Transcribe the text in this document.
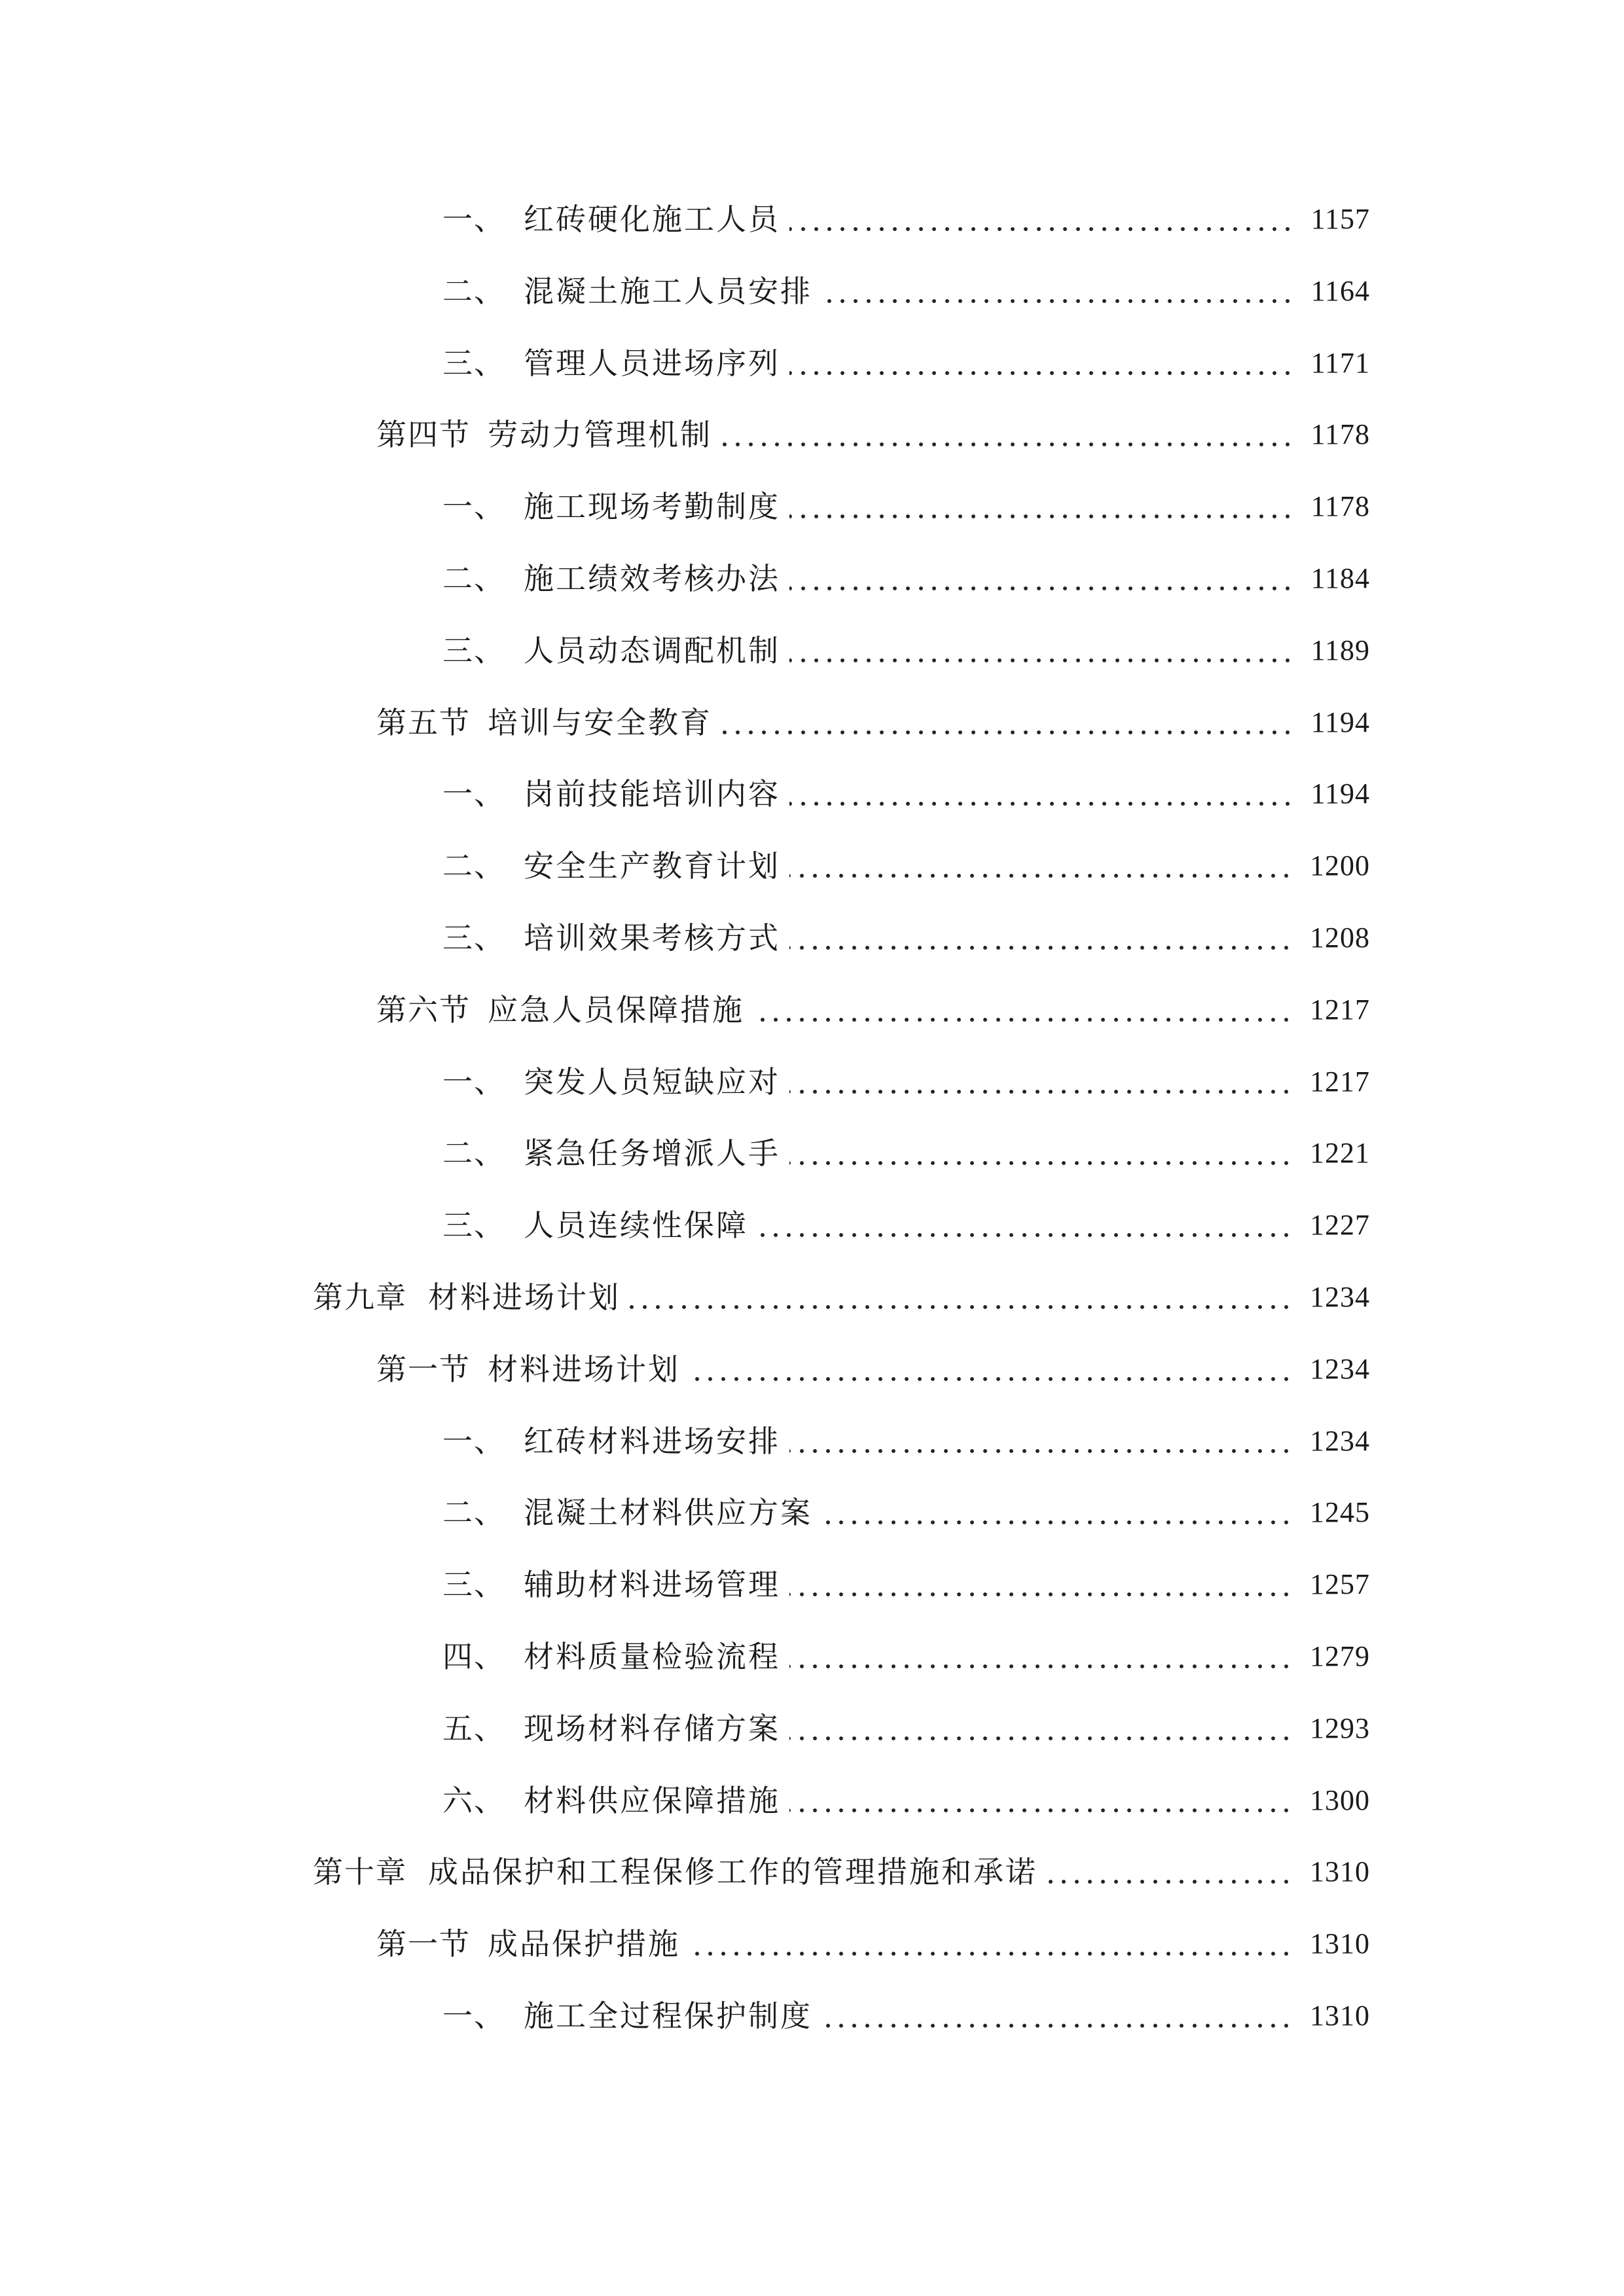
一、 红砖硬化施工人员	1157
二、 混凝土施工人员安排	1164
三、 管理人员进场序列	1171
第四节 劳动力管理机制	1178
一、 施工现场考勤制度	1178
二、 施工绩效考核办法	1184
三、 人员动态调配机制	1189
第五节 培训与安全教育	1194
一、 岗前技能培训内容	1194
二、 安全生产教育计划	1200
三、 培训效果考核方式	1208
第六节 应急人员保障措施	1217
一、 突发人员短缺应对	1217
二、 紧急任务增派人手	1221
三、 人员连续性保障	1227
第九章 材料进场计划	1234
第一节 材料进场计划	1234
一、 红砖材料进场安排	1234
二、 混凝土材料供应方案	1245
三、 辅助材料进场管理	1257
四、 材料质量检验流程	1279
五、 现场材料存储方案	1293
六、 材料供应保障措施	1300
第十章 成品保护和工程保修工作的管理措施和承诺	1310
第一节 成品保护措施	1310
一、 施工全过程保护制度	1310
